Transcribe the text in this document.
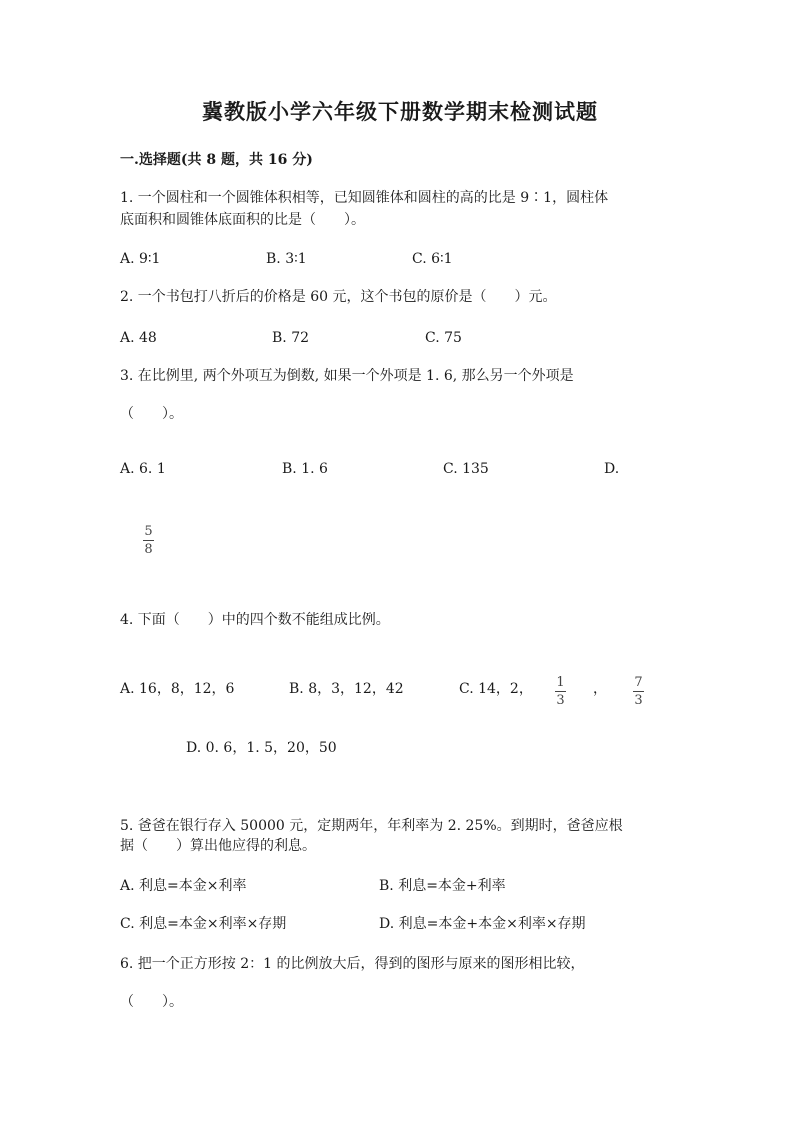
冀教版小学六年级下册数学期末检测试题
一.选择题(共 8 题，共 16 分)
1. 一个圆柱和一个圆锥体积相等，已知圆锥体和圆柱的高的比是 9∶1，圆柱体
底面积和圆锥体底面积的比是（　　）。
A. 9∶1	B. 3∶1	C. 6∶1
2. 一个书包打八折后的价格是 60 元，这个书包的原价是（　　）元。
A. 48	B. 72	C. 75
3. 在比例里, 两个外项互为倒数, 如果一个外项是 1. 6, 那么另一个外项是
（　　）。
A. 6. 1	B. 1. 6	C. 135	D.
5
8
4. 下面（　　）中的四个数不能组成比例。
A. 16，8，12，6	B. 8，3，12，42	C. 14，2， 1
3
， 7
3
D. 0. 6，1. 5，20，50
5. 爸爸在银行存入 50000 元，定期两年，年利率为 2. 25%。到期时，爸爸应根
据（　　）算出他应得的利息。
A. 利息=本金×利率	B. 利息=本金+利率
C. 利息=本金×利率×存期	D. 利息=本金+本金×利率×存期
6. 把一个正方形按 2：1 的比例放大后，得到的图形与原来的图形相比较，
（　　）。
